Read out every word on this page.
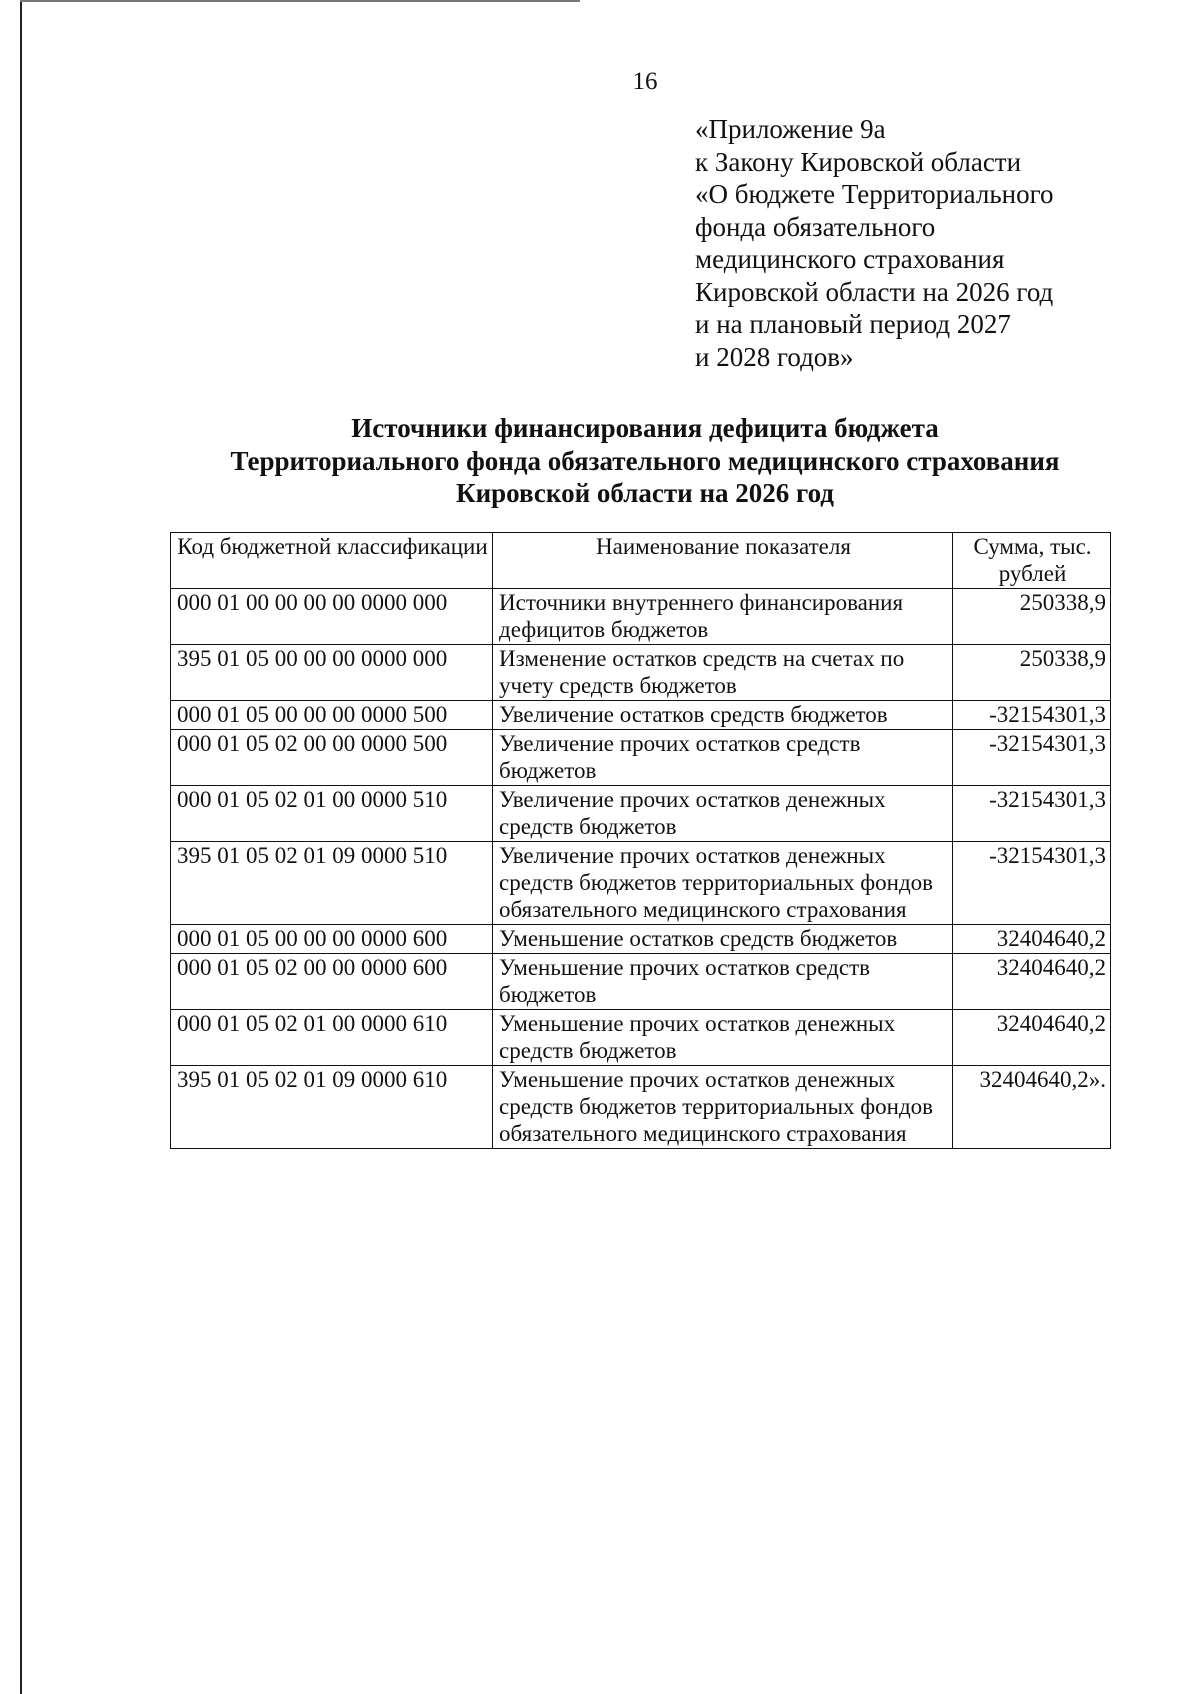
16
«Приложение 9а
к Закону Кировской области
«О бюджете Территориального
фонда обязательного
медицинского страхования
Кировской области на 2026 год
и на плановый период 2027
и 2028 годов»
Источники финансирования дефицита бюджета
Территориального фонда обязательного медицинского страхования
Кировской области на 2026 год
Код бюджетной классификации	Наименование показателя	Сумма, тыс. рублей
000 01 00 00 00 00 0000 000	Источники внутреннего финансирования дефицитов бюджетов	250338,9
395 01 05 00 00 00 0000 000	Изменение остатков средств на счетах по учету средств бюджетов	250338,9
000 01 05 00 00 00 0000 500	Увеличение остатков средств бюджетов	-32154301,3
000 01 05 02 00 00 0000 500	Увеличение прочих остатков средств бюджетов	-32154301,3
000 01 05 02 01 00 0000 510	Увеличение прочих остатков денежных средств бюджетов	-32154301,3
395 01 05 02 01 09 0000 510	Увеличение прочих остатков денежных средств бюджетов территориальных фондов обязательного медицинского страхования	-32154301,3
000 01 05 00 00 00 0000 600	Уменьшение остатков средств бюджетов	32404640,2
000 01 05 02 00 00 0000 600	Уменьшение прочих остатков средств бюджетов	32404640,2
000 01 05 02 01 00 0000 610	Уменьшение прочих остатков денежных средств бюджетов	32404640,2
395 01 05 02 01 09 0000 610	Уменьшение прочих остатков денежных средств бюджетов территориальных фондов обязательного медицинского страхования	32404640,2».
